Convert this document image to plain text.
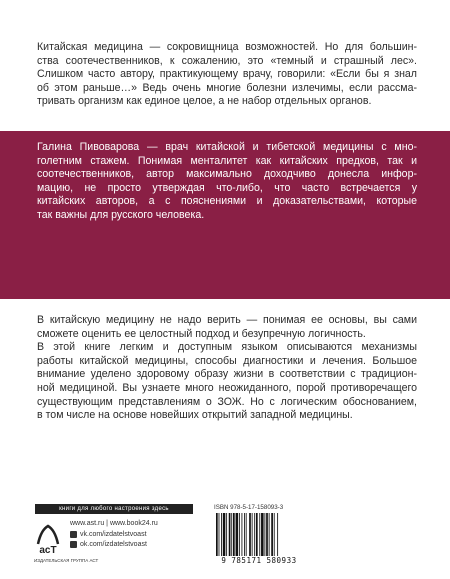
Китайская медицина — сокровищница возможностей. Но для большин-
ства соотечественников, к сожалению, это «темный и страшный лес».
Слишком часто автору, практикующему врачу, говорили: «Если бы я знал
об этом раньше…» Ведь очень многие болезни излечимы, если рассма-
тривать организм как единое целое, а не набор отдельных органов.
Галина Пивоварова — врач китайской и тибетской медицины с мно-
голетним стажем. Понимая менталитет как китайских предков, так и
соотечественников, автор максимально доходчиво донесла инфор-
мацию, не просто утверждая что-либо, что часто встречается у
китайских авторов, а с пояснениями и доказательствами, которые
так важны для русского человека.
В китайскую медицину не надо верить — понимая ее основы, вы сами
сможете оценить ее целостный подход и безупречную логичность.
В этой книге легким и доступным языком описываются механизмы
работы китайской медицины, способы диагностики и лечения. Большое
внимание уделено здоровому образу жизни в соответствии с традицион-
ной медициной. Вы узнаете много неожиданного, порой противоречащего
существующим представлениям о ЗОЖ. Но с логическим обоснованием,
в том числе на основе новейших открытий западной медицины.
книги для любого настроения здесь
acT
ИЗДАТЕЛЬСКАЯ ГРУППА АСТ
www.ast.ru | www.book24.ru
vk.com/izdatelstvoast
ok.com/izdatelstvoast
ISBN 978-5-17-158093-3
9 785171 580933
